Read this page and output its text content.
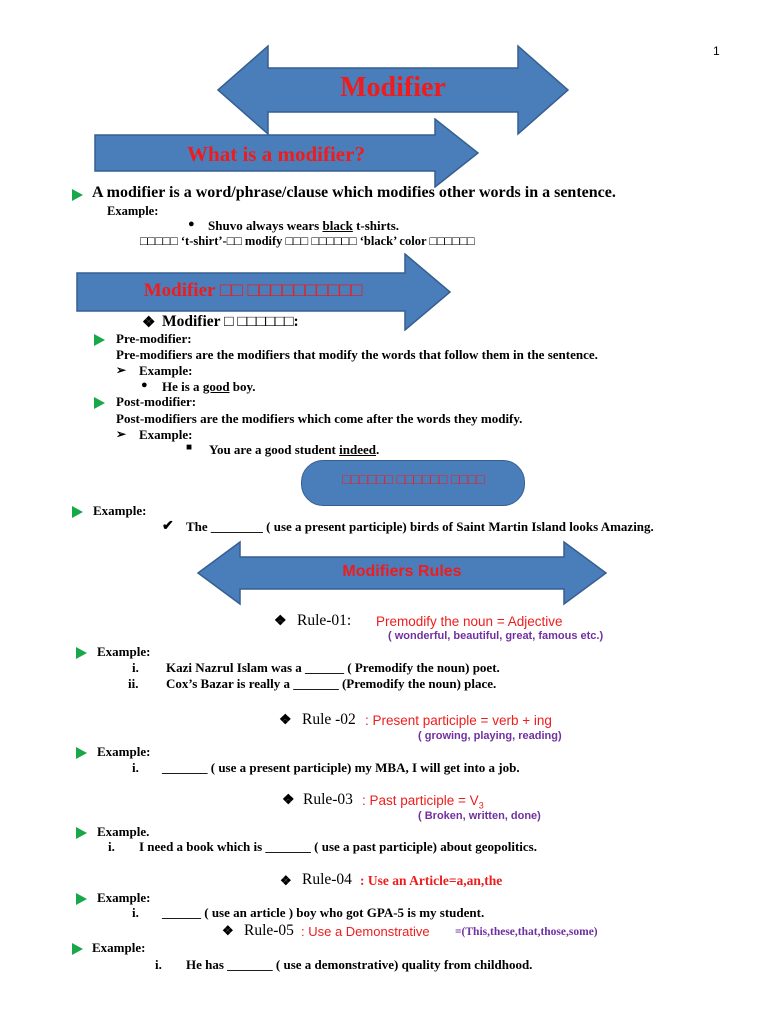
1
Modifier
What is a modifier?
A modifier is a word/phrase/clause which modifies other words in a sentence.
Example:
● Shuvo always wears black t-shirts.
□□□□□ ‘t-shirt’-□□ modify □□□ □□□□□□ ‘black’ color □□□□□□
Modifier □□ □□□□□□□□□□
❖ Modifier □ □□□□□□:
Pre-modifier:
Pre-modifiers are the modifiers that modify the words that follow them in the sentence.
➢ Example:
● He is a good boy.
Post-modifier:
Post-modifiers are the modifiers which come after the words they modify.
➢ Example:
■ You are a good student indeed.
□□□□□□ □□□□□□ □□□□
Example:
✔ The ________ ( use a present participle) birds of Saint Martin Island looks Amazing.
Modifiers Rules
❖ Rule-01: Premodify the noun = Adjective
( wonderful, beautiful, great, famous etc.)
Example:
i. Kazi Nazrul Islam was a ______ ( Premodify the noun) poet.
ii. Cox’s Bazar is really a _______ (Premodify the noun) place.
❖ Rule -02 : Present participle = verb + ing
( growing, playing, reading)
Example:
i. _______ ( use a present participle) my MBA, I will get into a job.
❖ Rule-03 : Past participle = $V_3$
( Broken, written, done)
Example.
i. I need a book which is _______ ( use a past participle) about geopolitics.
❖ Rule-04 : Use an Article=a,an,the
Example:
i. ______ ( use an article ) boy who got GPA-5 is my student.
❖ Rule-05 : Use a Demonstrative =(This,these,that,those,some)
Example:
i. He has _______ ( use a demonstrative) quality from childhood.
